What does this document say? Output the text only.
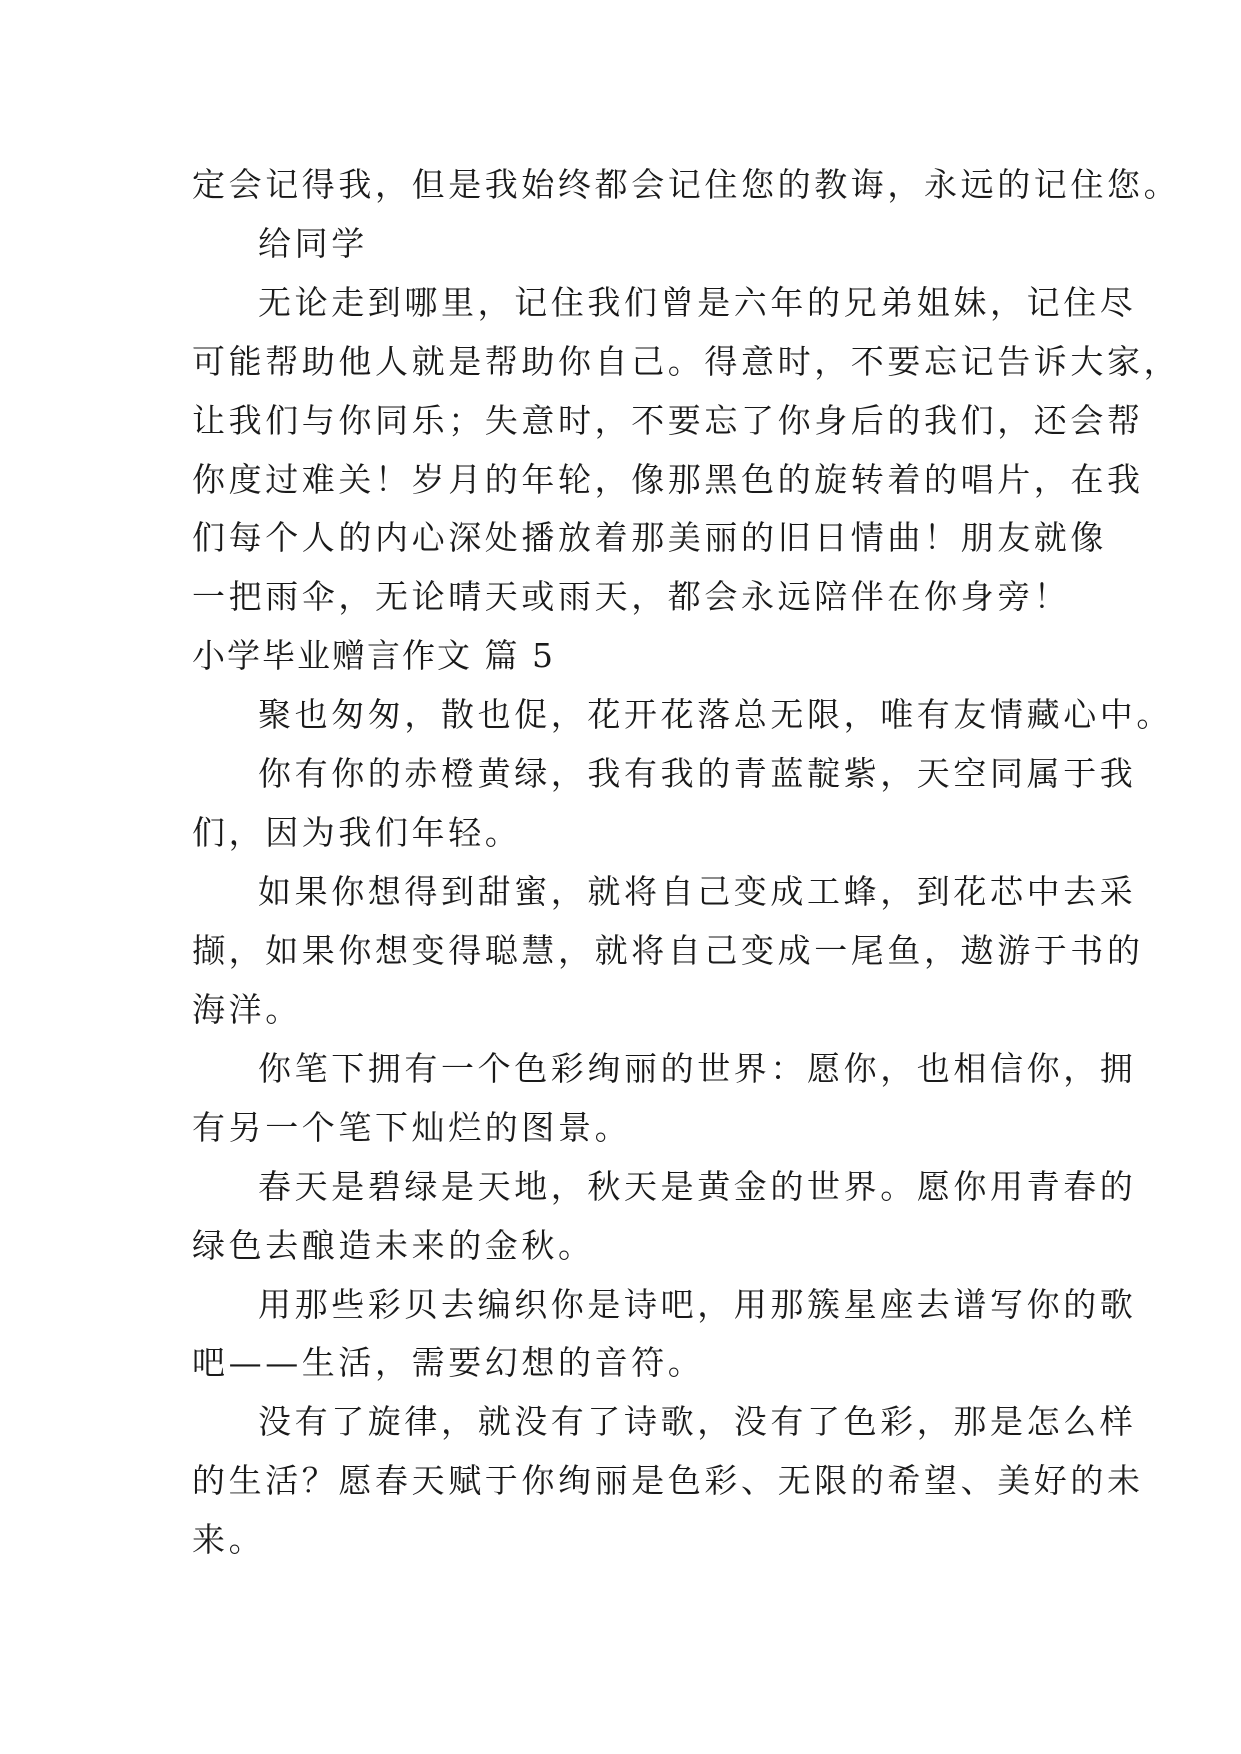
定会记得我，但是我始终都会记住您的教诲，永远的记住您。
给同学
无论走到哪里，记住我们曾是六年的兄弟姐妹，记住尽
可能帮助他人就是帮助你自己。得意时，不要忘记告诉大家，
让我们与你同乐；失意时，不要忘了你身后的我们，还会帮
你度过难关！岁月的年轮，像那黑色的旋转着的唱片，在我
们每个人的内心深处播放着那美丽的旧日情曲！朋友就像
一把雨伞，无论晴天或雨天，都会永远陪伴在你身旁！
小学毕业赠言作文 篇 5
聚也匆匆，散也促，花开花落总无限，唯有友情藏心中。
你有你的赤橙黄绿，我有我的青蓝靛紫，天空同属于我
们，因为我们年轻。
如果你想得到甜蜜，就将自己变成工蜂，到花芯中去采
撷，如果你想变得聪慧，就将自己变成一尾鱼，遨游于书的
海洋。
你笔下拥有一个色彩绚丽的世界：愿你，也相信你，拥
有另一个笔下灿烂的图景。
春天是碧绿是天地，秋天是黄金的世界。愿你用青春的
绿色去酿造未来的金秋。
用那些彩贝去编织你是诗吧，用那簇星座去谱写你的歌
吧——生活，需要幻想的音符。
没有了旋律，就没有了诗歌，没有了色彩，那是怎么样
的生活？愿春天赋于你绚丽是色彩、无限的希望、美好的未
来。
